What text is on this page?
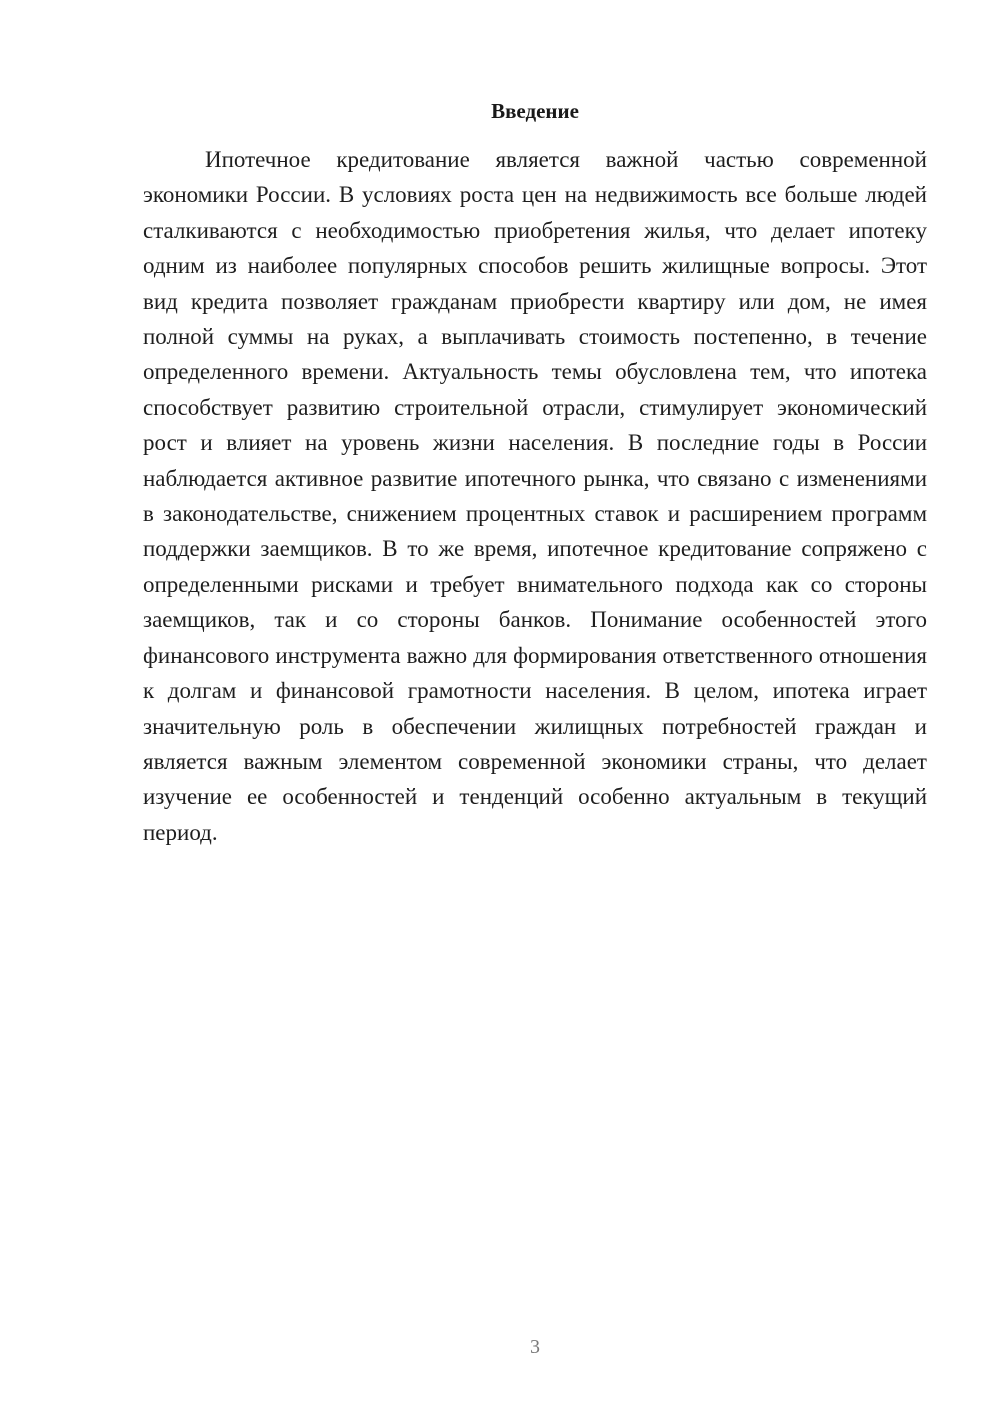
Введение

Ипотечное кредитование является важной частью современной экономики России. В условиях роста цен на недвижимость все больше людей сталкиваются с необходимостью приобретения жилья, что делает ипотеку одним из наиболее популярных способов решить жилищные вопросы. Этот вид кредита позволяет гражданам приобрести квартиру или дом, не имея полной суммы на руках, а выплачивать стоимость постепенно, в течение определенного времени. Актуальность темы обусловлена тем, что ипотека способствует развитию строительной отрасли, стимулирует экономический рост и влияет на уровень жизни населения. В последние годы в России наблюдается активное развитие ипотечного рынка, что связано с изменениями в законодательстве, снижением процентных ставок и расширением программ поддержки заемщиков. В то же время, ипотечное кредитование сопряжено с определенными рисками и требует внимательного подхода как со стороны заемщиков, так и со стороны банков. Понимание особенностей этого финансового инструмента важно для формирования ответственного отношения к долгам и финансовой грамотности населения. В целом, ипотека играет значительную роль в обеспечении жилищных потребностей граждан и является важным элементом современной экономики страны, что делает изучение ее особенностей и тенденций особенно актуальным в текущий период.

3
